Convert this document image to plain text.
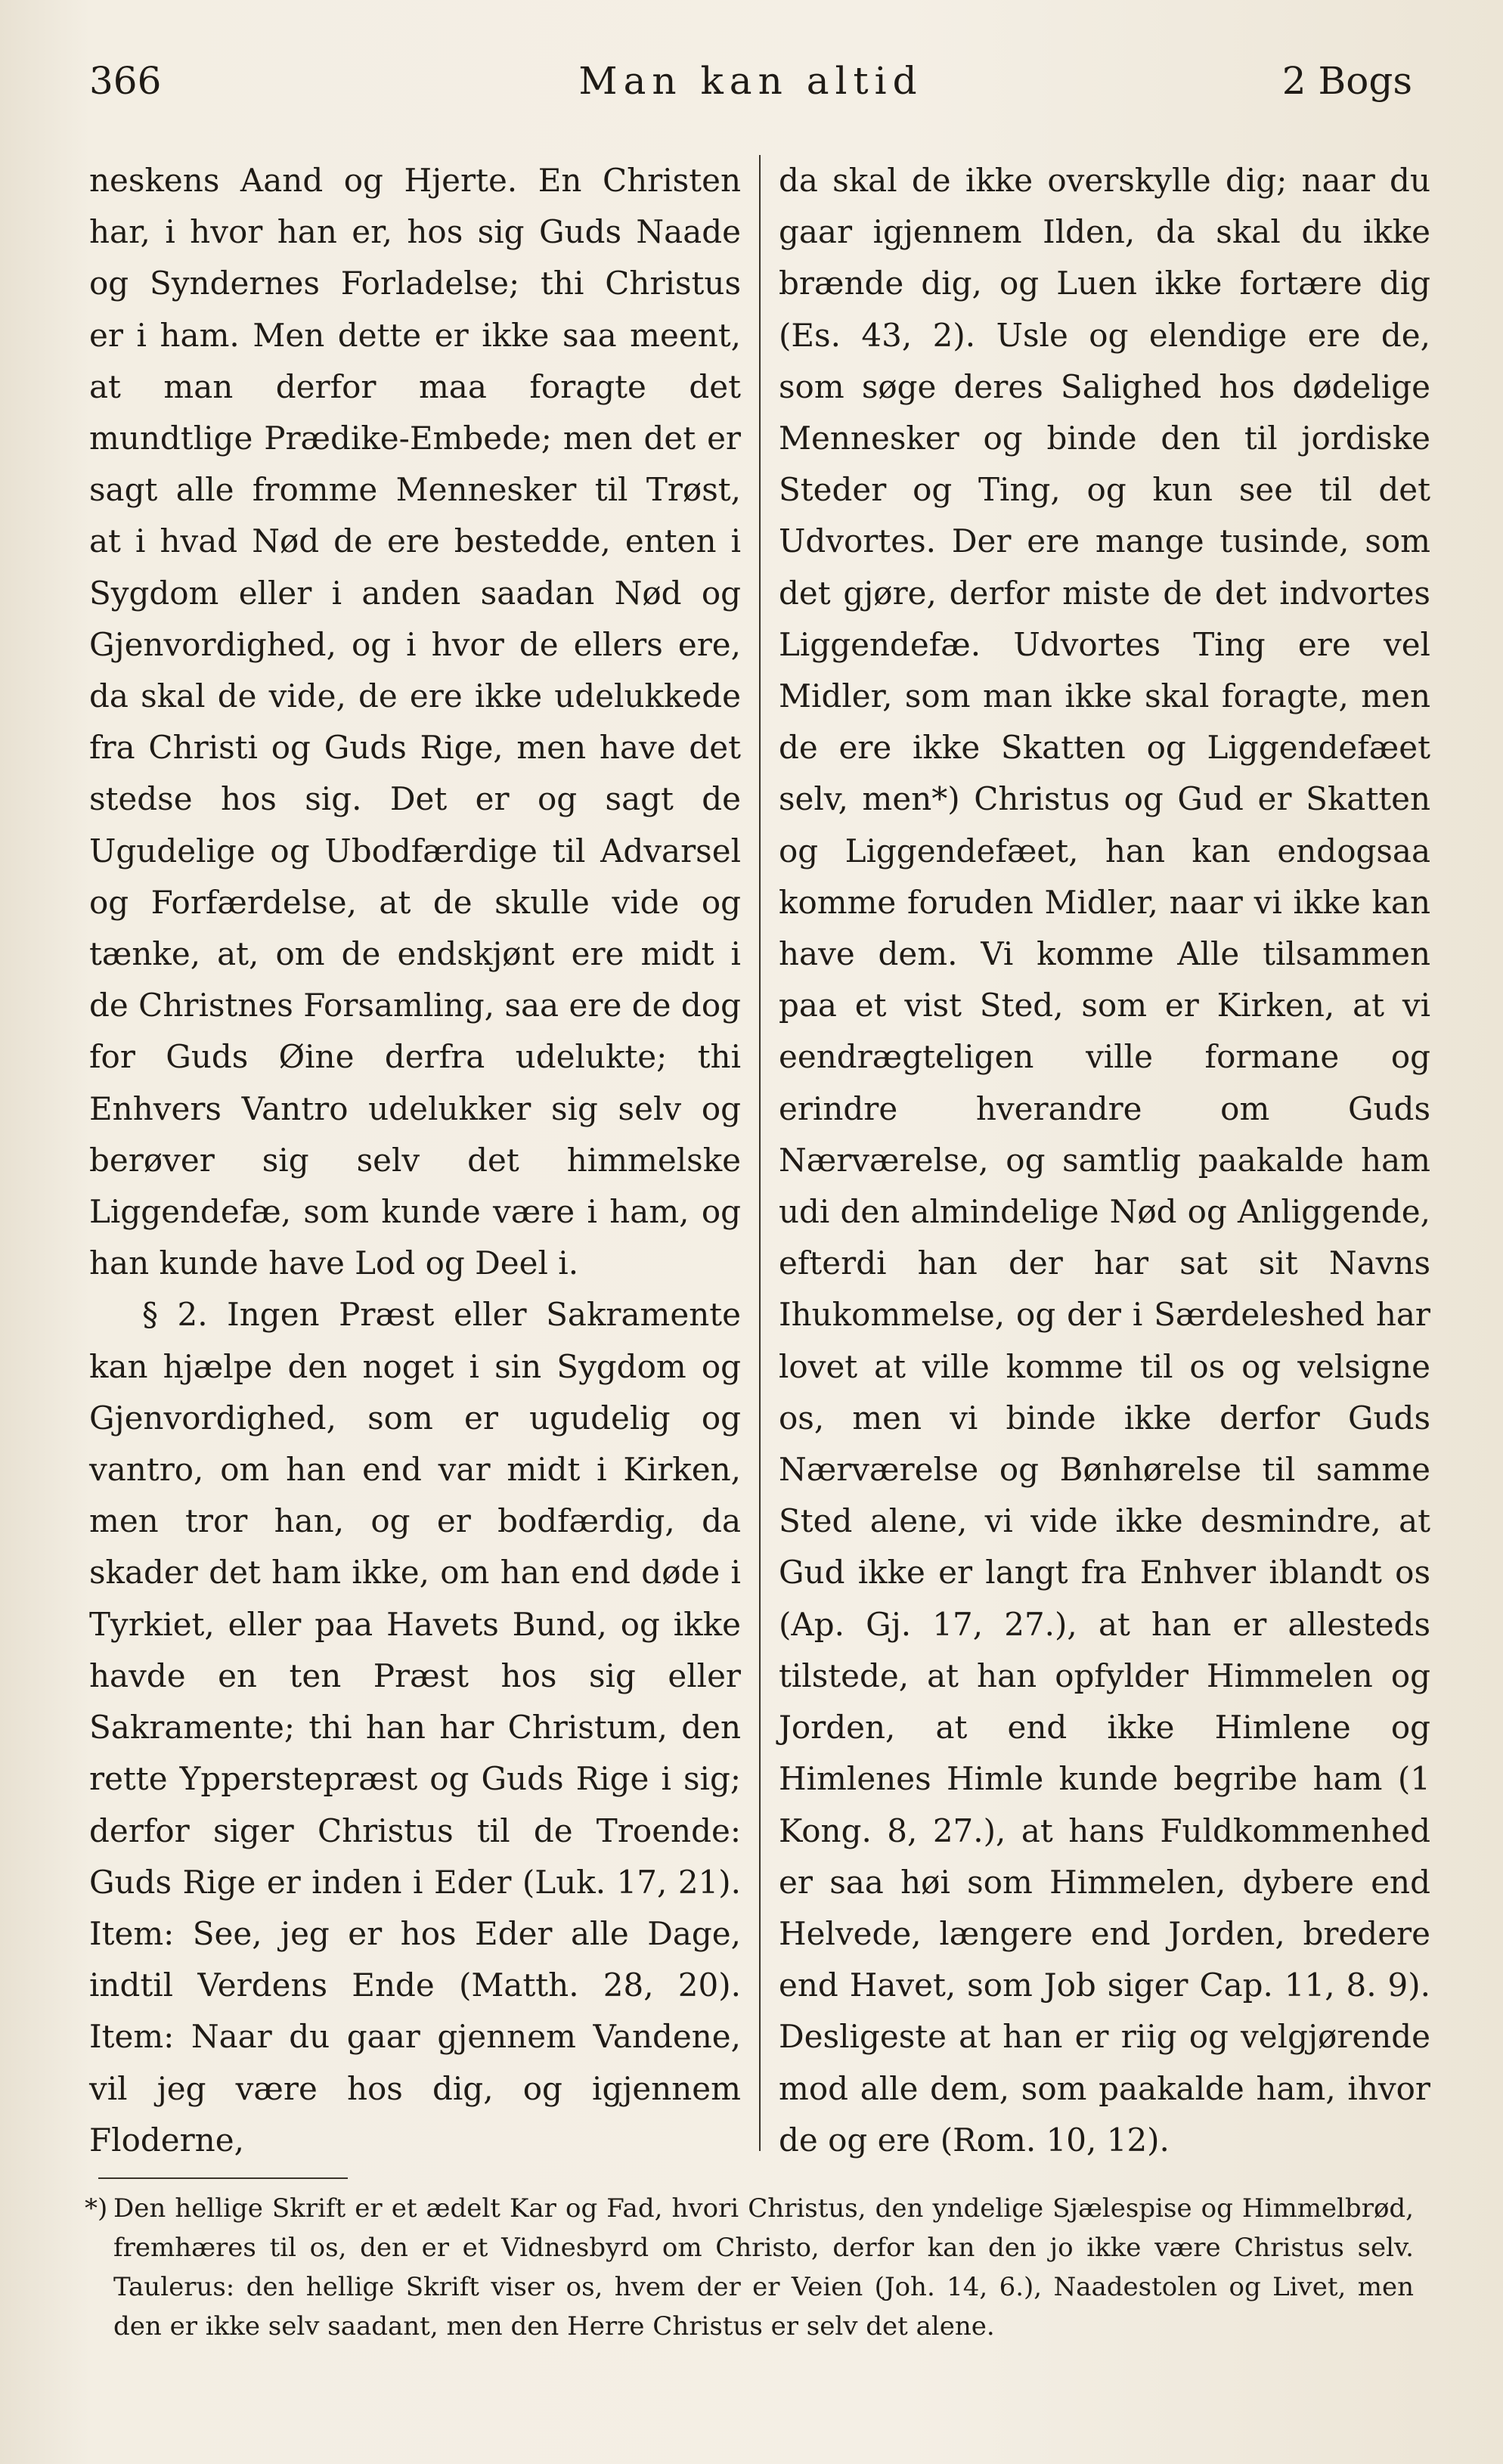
366	Man kan altid	2 Bogs

neskens Aand og Hjerte. En Christen har, i hvor han er, hos sig Guds Naade og Syndernes Forladelse; thi Christus er i ham. Men dette er ikke saa meent, at man derfor maa foragte det mundtlige Prædike-Embede; men det er sagt alle fromme Mennesker til Trøst, at i hvad Nød de ere bestedde, enten i Sygdom eller i anden saadan Nød og Gjenvordighed, og i hvor de ellers ere, da skal de vide, de ere ikke udelukkede fra Christi og Guds Rige, men have det stedse hos sig. Det er og sagt de Ugudelige og Ubodfærdige til Advarsel og Forfærdelse, at de skulle vide og tænke, at, om de endskjønt ere midt i de Christnes Forsamling, saa ere de dog for Guds Øine derfra udelukte; thi Enhvers Vantro udelukker sig selv og berøver sig selv det himmelske Liggendefæ, som kunde være i ham, og han kunde have Lod og Deel i.

§ 2. Ingen Præst eller Sakramente kan hjælpe den noget i sin Sygdom og Gjenvordighed, som er ugudelig og vantro, om han end var midt i Kirken, men tror han, og er bodfærdig, da skader det ham ikke, om han end døde i Tyrkiet, eller paa Havets Bund, og ikke havde en ten Præst hos sig eller Sakramente; thi han har Christum, den rette Ypperstepræst og Guds Rige i sig; derfor siger Christus til de Troende: Guds Rige er inden i Eder (Luk. 17, 21). Item: See, jeg er hos Eder alle Dage, indtil Verdens Ende (Matth. 28, 20). Item: Naar du gaar gjennem Vandene, vil jeg være hos dig, og igjennem Floderne,

da skal de ikke overskylle dig; naar du gaar igjennem Ilden, da skal du ikke brænde dig, og Luen ikke fortære dig (Es. 43, 2). Usle og elendige ere de, som søge deres Salighed hos dødelige Mennesker og binde den til jordiske Steder og Ting, og kun see til det Udvortes. Der ere mange tusinde, som det gjøre, derfor miste de det indvortes Liggendefæ. Udvortes Ting ere vel Midler, som man ikke skal foragte, men de ere ikke Skatten og Liggendefæet selv, men*) Christus og Gud er Skatten og Liggendefæet, han kan endogsaa komme foruden Midler, naar vi ikke kan have dem. Vi komme Alle tilsammen paa et vist Sted, som er Kirken, at vi eendrægteligen ville formane og erindre hverandre om Guds Nærværelse, og samtlig paakalde ham udi den almindelige Nød og Anliggende, efterdi han der har sat sit Navns Ihukommelse, og der i Særdeleshed har lovet at ville komme til os og velsigne os, men vi binde ikke derfor Guds Nærværelse og Bønhørelse til samme Sted alene, vi vide ikke desmindre, at Gud ikke er langt fra Enhver iblandt os (Ap. Gj. 17, 27.), at han er allesteds tilstede, at han opfylder Himmelen og Jorden, at end ikke Himlene og Himlenes Himle kunde begribe ham (1 Kong. 8, 27.), at hans Fuldkommenhed er saa høi som Himmelen, dybere end Helvede, længere end Jorden, bredere end Havet, som Job siger Cap. 11, 8. 9). Desligeste at han er riig og velgjørende mod alle dem, som paakalde ham, ihvor de og ere (Rom. 10, 12).

*) Den hellige Skrift er et ædelt Kar og Fad, hvori Christus, den yndelige Sjælespise og Himmelbrød, fremhæres til os, den er et Vidnesbyrd om Christo, derfor kan den jo ikke være Christus selv. Taulerus: den hellige Skrift viser os, hvem der er Veien (Joh. 14, 6.), Naadestolen og Livet, men den er ikke selv saadant, men den Herre Christus er selv det alene.
